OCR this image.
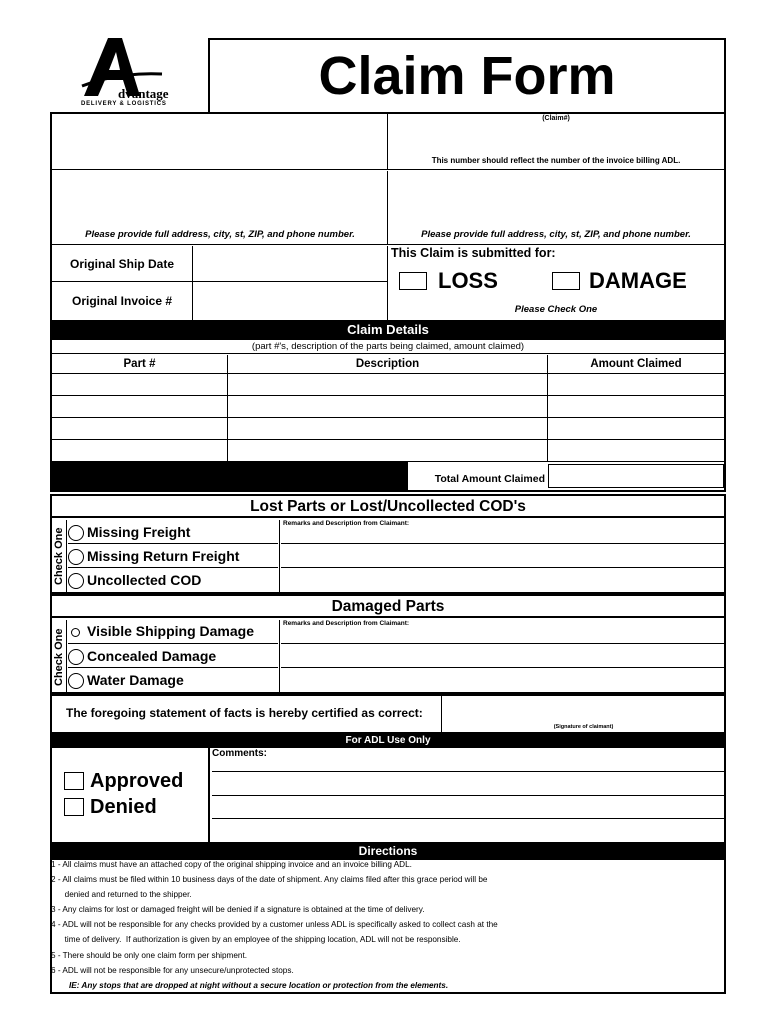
dvantage
DELIVERY & LOGISTICS	Claim Form
(Claim#)
This number should reflect the number of the invoice billing ADL.
Please provide full address, city, st, ZIP, and phone number.	Please provide full address, city, st, ZIP, and phone number.
Original Ship Date
Original Invoice #
This Claim is submitted for:
LOSS	DAMAGE
Please Check One
Claim Details
(part #'s, description of the parts being claimed, amount claimed)
Part #	Description	Amount Claimed
Total Amount Claimed
Lost Parts or Lost/Uncollected COD's
Check One	Missing Freight
Missing Return Freight
Uncollected COD
Remarks and Description from Claimant:
Damaged Parts
Check One	Visible Shipping Damage
Concealed Damage
Water Damage
Remarks and Description from Claimant:
The foregoing statement of facts is hereby certified as correct:
(Signature of claimant)
For ADL Use Only
Approved
Denied
Comments:
Directions
1 - All claims must have an attached copy of the original shipping invoice and an invoice billing ADL.
2 - All claims must be filed within 10 business days of the date of shipment. Any claims filed after this grace period will be
denied and returned to the shipper.
3 - Any claims for lost or damaged freight will be denied if a signature is obtained at the time of delivery.
4 - ADL will not be responsible for any checks provided by a customer unless ADL is specifically asked to collect cash at the
time of delivery.  If authorization is given by an employee of the shipping location, ADL will not be responsible.
5 - There should be only one claim form per shipment.
6 - ADL will not be responsible for any unsecure/unprotected stops.
IE: Any stops that are dropped at night without a secure location or protection from the elements.
